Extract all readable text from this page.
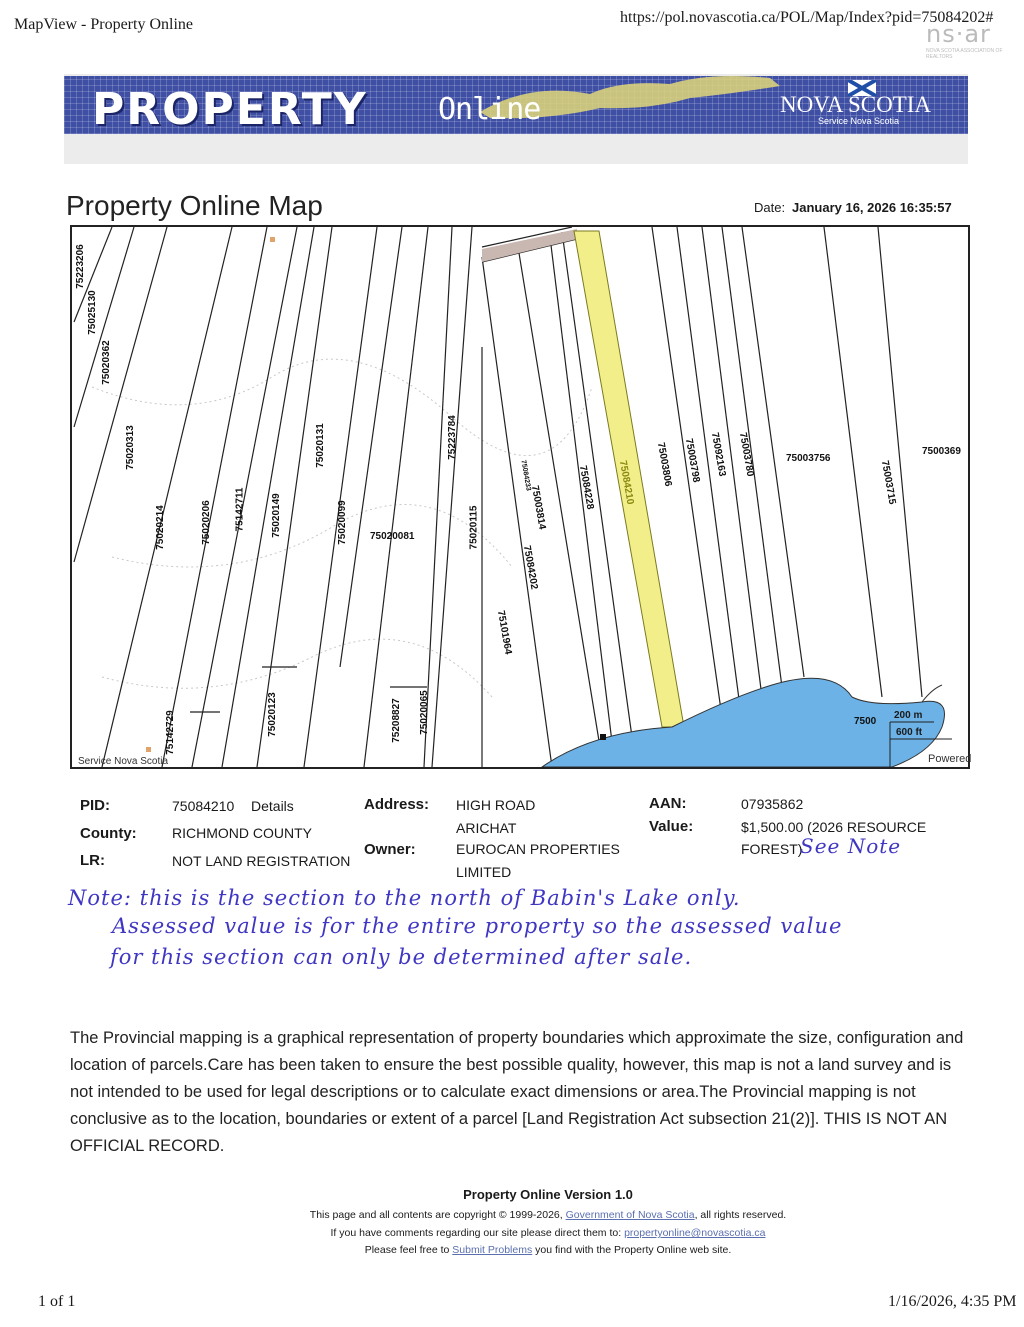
MapView - Property Online	https://pol.novascotia.ca/POL/Map/Index?pid=75084202#
ns·ar
NOVA SCOTIA ASSOCIATION OF REALTORS
PROPERTY Online	NOVA SCOTIA
Service Nova Scotia
Property Online Map	Date: January 16, 2026 16:35:57
75223206
75025130
75020362
75020313
75020214	75020206 75142711	75020149
75020131
75020099 75020081
75223784
75020115
75020065
75208827
75020123
75142729
75101964
75084202
75003814
75084233	75084228 75084210 75003806 75003798 75092163 75003780	75003756
75003715
7500369
7500
200 m
600 ft
Service Nova Scotia	Powered
PID:	75084210 Details
County:	RICHMOND COUNTY
LR:	NOT LAND REGISTRATION
Address: HIGH ROAD
ARICHAT
Owner:	EUROCAN PROPERTIES
LIMITED
AAN:	07935862
Value:	$1,500.00 (2026 RESOURCE
FOREST)
See Note
Note: this is the section to the north of Babin's Lake only.
Assessed value is for the entire property so the assessed value
for this section can only be determined after sale.
The Provincial mapping is a graphical representation of property boundaries which approximate the size, configuration and location of parcels.Care has been taken to ensure the best possible quality, however, this map is not a land survey and is not intended to be used for legal descriptions or to calculate exact dimensions or area.The Provincial mapping is not conclusive as to the location, boundaries or extent of a parcel [Land Registration Act subsection 21(2)]. THIS IS NOT AN OFFICIAL RECORD.
Property Online Version 1.0
This page and all contents are copyright © 1999-2026, Government of Nova Scotia, all rights reserved.
If you have comments regarding our site please direct them to: propertyonline@novascotia.ca
Please feel free to Submit Problems you find with the Property Online web site.
1 of 1	1/16/2026, 4:35 PM
